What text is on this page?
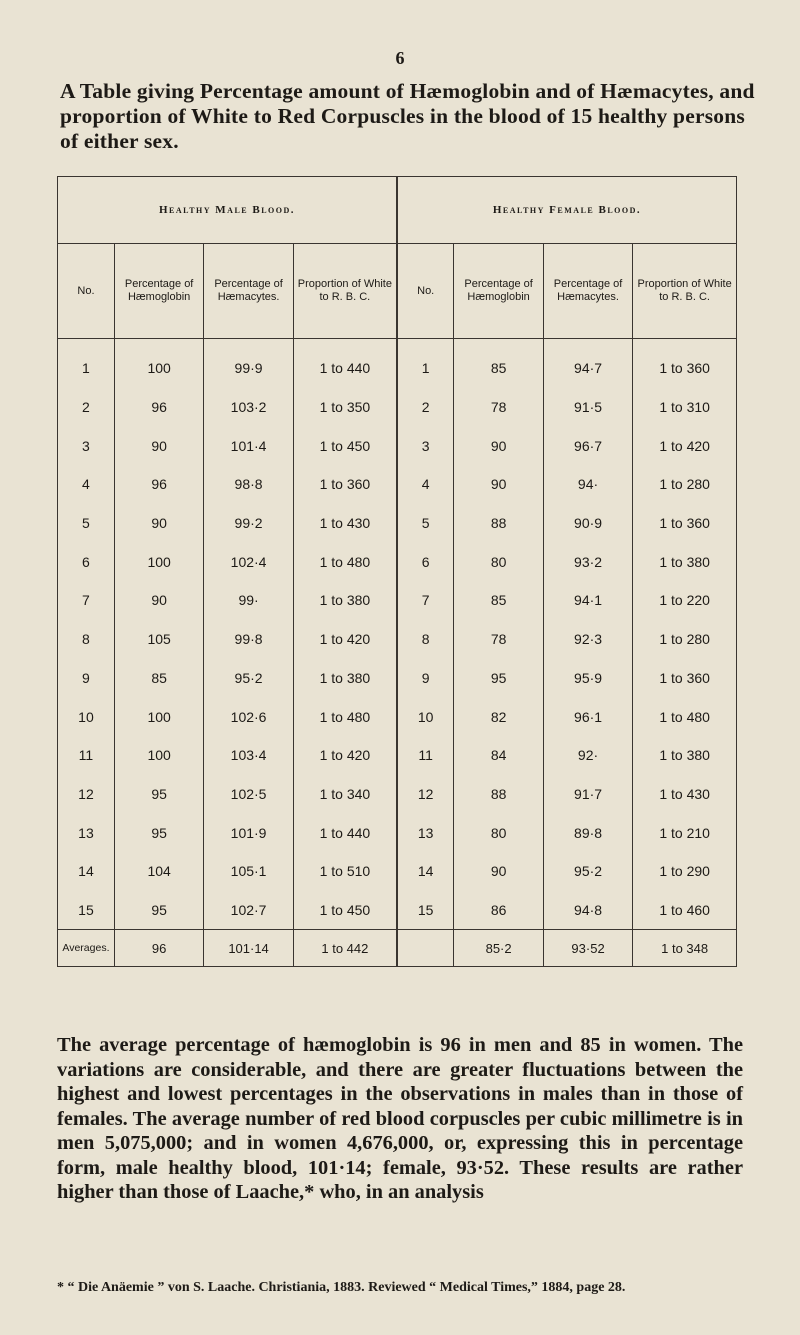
6
A Table giving Percentage amount of Hæmoglobin and of Hæmacytes, and proportion of White to Red Corpuscles in the blood of 15 healthy persons of either sex.
Healthy Male Blood.				Healthy Female Blood.			
No.	Percentage of Hæmoglobin	Percentage of Hæmacytes.	Proportion of White to R. B. C.	No.	Percentage of Hæmoglobin	Percentage of Hæmacytes.	Proportion of White to R. B. C.
1	100	99·9	1 to 440	1	85	94·7	1 to 360
2	96	103·2	1 to 350	2	78	91·5	1 to 310
3	90	101·4	1 to 450	3	90	96·7	1 to 420
4	96	98·8	1 to 360	4	90	94·	1 to 280
5	90	99·2	1 to 430	5	88	90·9	1 to 360
6	100	102·4	1 to 480	6	80	93·2	1 to 380
7	90	99·	1 to 380	7	85	94·1	1 to 220
8	105	99·8	1 to 420	8	78	92·3	1 to 280
9	85	95·2	1 to 380	9	95	95·9	1 to 360
10	100	102·6	1 to 480	10	82	96·1	1 to 480
11	100	103·4	1 to 420	11	84	92·	1 to 380
12	95	102·5	1 to 340	12	88	91·7	1 to 430
13	95	101·9	1 to 440	13	80	89·8	1 to 210
14	104	105·1	1 to 510	14	90	95·2	1 to 290
15	95	102·7	1 to 450	15	86	94·8	1 to 460
Averages.	96	101·14	1 to 442		85·2	93·52	1 to 348
The average percentage of hæmoglobin is 96 in men and 85 in women. The variations are considerable, and there are greater fluctuations between the highest and lowest percentages in the observations in males than in those of females. The average number of red blood corpuscles per cubic millimetre is in men 5,075,000; and in women 4,676,000, or, expressing this in percentage form, male healthy blood, 101·14; female, 93·52. These results are rather higher than those of Laache,* who, in an analysis
* “ Die Anäemie ” von S. Laache. Christiania, 1883. Reviewed “ Medical Times,” 1884, page 28.
